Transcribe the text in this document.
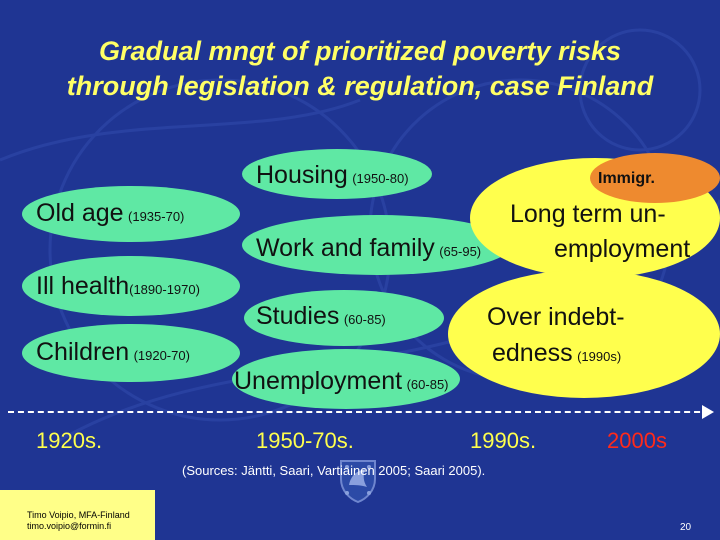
Gradual mngt of prioritized poverty risks
through legislation & regulation, case Finland
Old age (1935-70)
Ill health(1890-1970)
Children (1920-70)
Housing (1950-80)
Work and family (65-95)
Studies (60-85)
Unemployment (60-85)
Immigr.
Long term un-
employment
Over indebt-
edness (1990s)
1920s.	1950-70s.	1990s.	2000s
(Sources: Jäntti, Saari, Vartiainen 2005; Saari 2005).
Timo Voipio, MFA-Finland
timo.voipio@formin.fi	20
